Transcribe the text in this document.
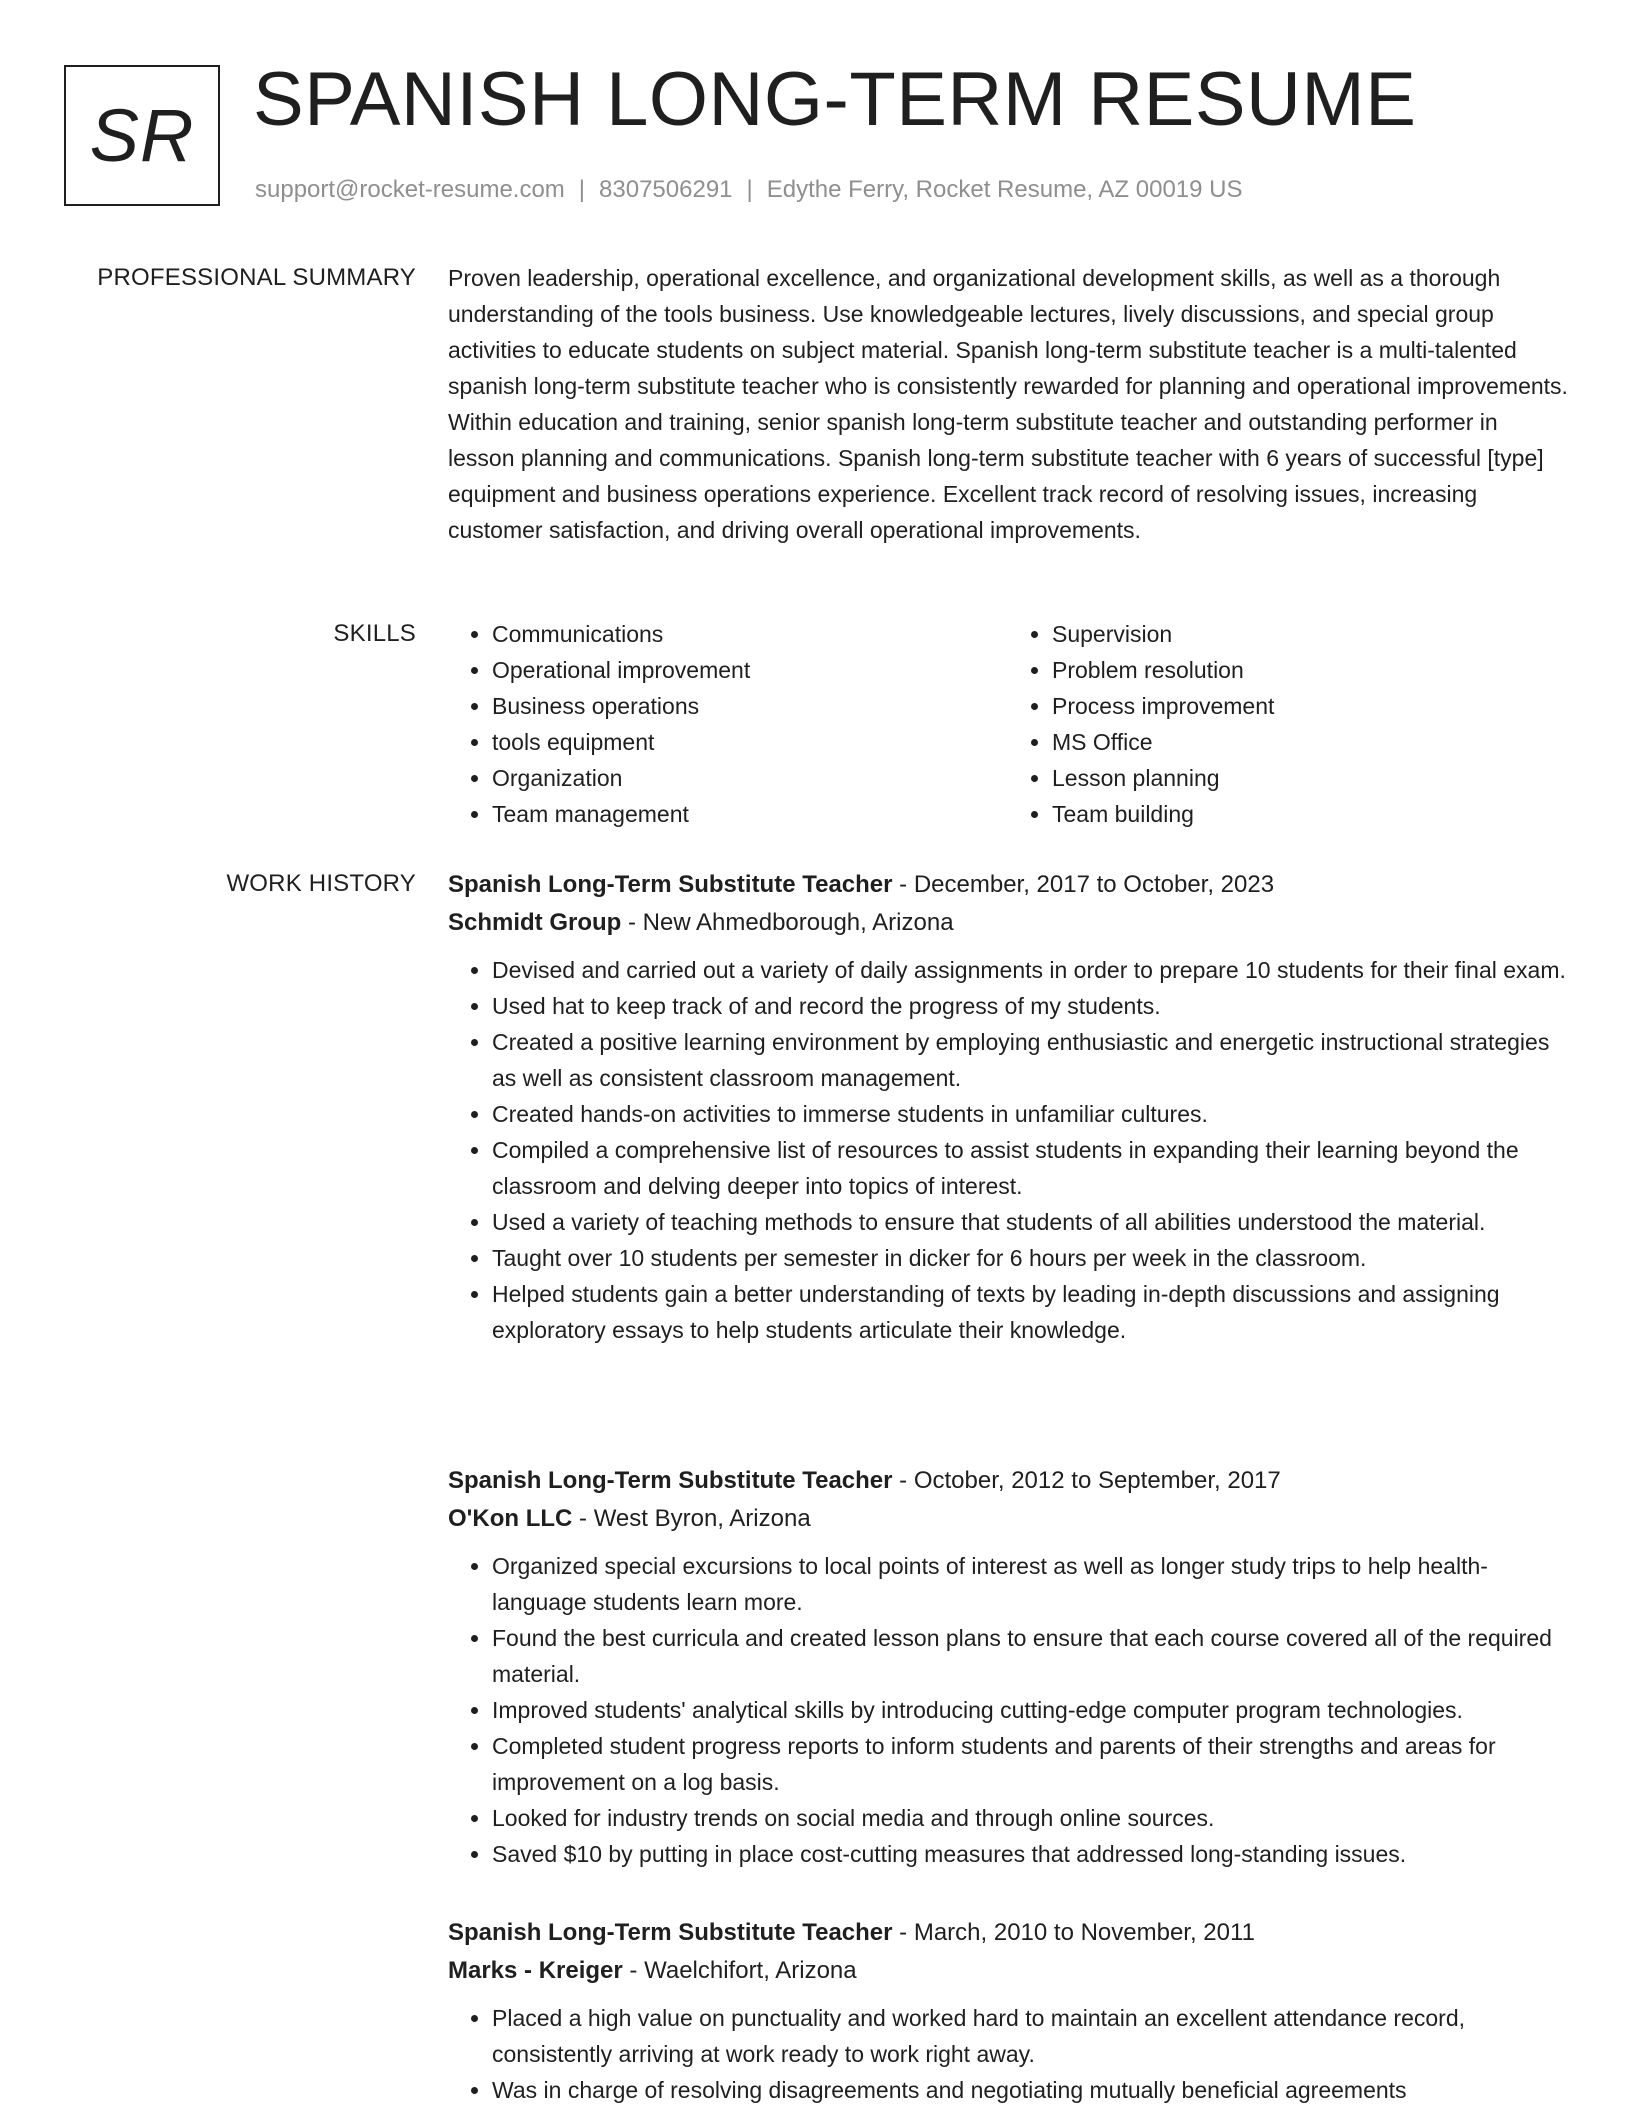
SR SPANISH LONG-TERM RESUME
support@rocket-resume.com | 8307506291 | Edythe Ferry, Rocket Resume, AZ 00019 US
PROFESSIONAL SUMMARY Proven leadership, operational excellence, and organizational development skills, as well as a thorough understanding of the tools business. Use knowledgeable lectures, lively discussions, and special group activities to educate students on subject material. Spanish long-term substitute teacher is a multi-talented spanish long-term substitute teacher who is consistently rewarded for planning and operational improvements. Within education and training, senior spanish long-term substitute teacher and outstanding performer in lesson planning and communications. Spanish long-term substitute teacher with 6 years of successful [type] equipment and business operations experience. Excellent track record of resolving issues, increasing customer satisfaction, and driving overall operational improvements.

SKILLS
•	Communications
• Operational improvement
• Business operations
• tools equipment
• Organization
• Team management
• Supervision
• Problem resolution
• Process improvement
• MS Office
• Lesson planning
• Team building
WORK HISTORY Spanish Long-Term Substitute Teacher - December, 2017 to October, 2023
Schmidt Group - New Ahmedborough, Arizona
• Devised and carried out a variety of daily assignments in order to prepare 10 students for their final exam.
• Used hat to keep track of and record the progress of my students.
• Created a positive learning environment by employing enthusiastic and energetic instructional strategies as well as consistent classroom management.
• Created hands-on activities to immerse students in unfamiliar cultures.
• Compiled a comprehensive list of resources to assist students in expanding their learning beyond the classroom and delving deeper into topics of interest.
• Used a variety of teaching methods to ensure that students of all abilities understood the material.
• Taught over 10 students per semester in dicker for 6 hours per week in the classroom.
• Helped students gain a better understanding of texts by leading in-depth discussions and assigning exploratory essays to help students articulate their knowledge.
Spanish Long-Term Substitute Teacher - October, 2012 to September, 2017
O'Kon LLC - West Byron, Arizona
• Organized special excursions to local points of interest as well as longer study trips to help health-language students learn more.
• Found the best curricula and created lesson plans to ensure that each course covered all of the required material.
• Improved students' analytical skills by introducing cutting-edge computer program technologies.
• Completed student progress reports to inform students and parents of their strengths and areas for improvement on a log basis.
• Looked for industry trends on social media and through online sources.
• Saved $10 by putting in place cost-cutting measures that addressed long-standing issues.
Spanish Long-Term Substitute Teacher - March, 2010 to November, 2011
Marks - Kreiger - Waelchifort, Arizona
• Placed a high value on punctuality and worked hard to maintain an excellent attendance record, consistently arriving at work ready to work right away.
• Was in charge of resolving disagreements and negotiating mutually beneficial agreements
